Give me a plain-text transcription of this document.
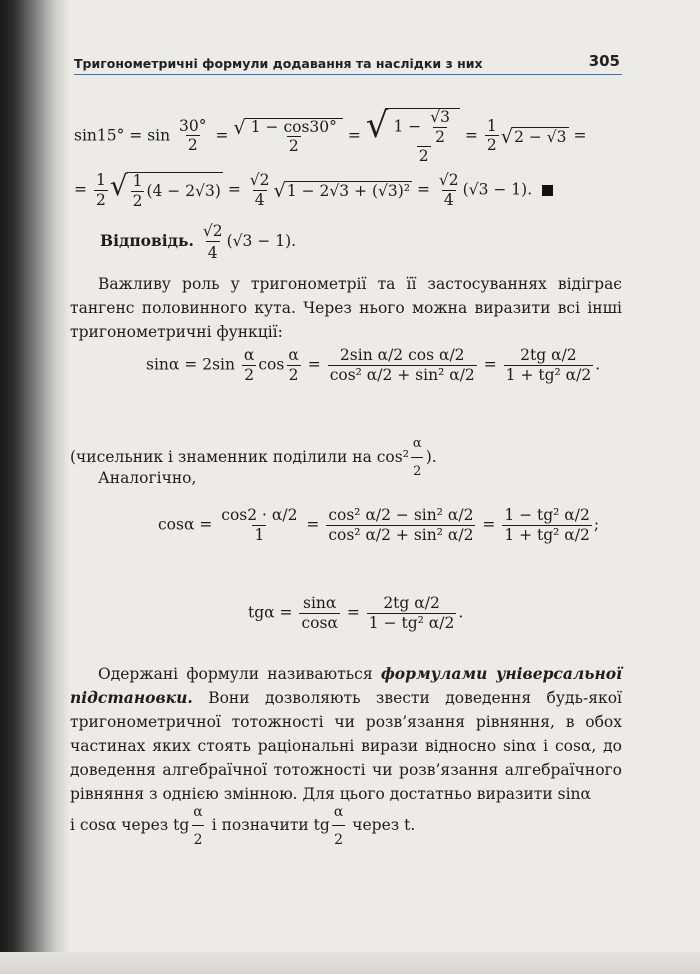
Тригонометричні формули додавання та наслідки з них	305
$\sin 15^\circ = \sin \frac{30^\circ}{2}$ = √ $\frac{1 - \cos 30^\circ}{2}$ = √ $\frac{1 - \frac{√3}{2}}{2} = \frac{1}{2}$ √ 2 − √3 =
= $\frac{1}{2}$ √ $\frac{1}{2} (4 - 2√3) = \frac{√2}{4}$ √ $1 - 2√3 + (√3)^2 = \frac{√2}{4} (√3 - 1)$.
Відповідь. $\frac{√2}{4} (√3 - 1)$.
Важливу роль у тригонометрії та її застосуваннях відіграє тангенс половинного кута. Через нього можна виразити всі інші тригонометричні функції:
$\sin\alpha = 2\sin \frac{\alpha}{2}$ $\cos \frac{\alpha}{2} = \frac{\text{2sin α/2 cos α/2}}{\text{cos² α/2 + sin² α/2}} = \frac{\text{2tg α/2}}{\text{1 + tg² α/2}}$ .
(чисельник і знаменник поділили на $\cos^2 \frac{\alpha}{2}$ ).
Аналогічно,
$\cos\alpha = \frac{\cos 2 \cdot \alpha/2}{1} = \frac{\text{cos² α/2 − sin² α/2}}{\text{cos² α/2 + sin² α/2}} = \frac{\text{1 − tg² α/2}}{\text{1 + tg² α/2}}$ ;
$tg\alpha = \frac{\sin\alpha}{\cos\alpha} = \frac{\text{2tg α/2}}{\text{1 − tg² α/2}}$ .
Одержані формули називаються формулами універсальної підстановки. Вони дозволяють звести доведення будь-якої тригонометричної тотожності чи розв’язання рівняння, в обох частинах яких стоять раціональні вирази відносно sinα і cosα, до доведення алгебраїчної тотожності чи розв’язання алгебраїчного рівняння з однією змінною. Для цього достатньо виразити sinα
і cosα через tg $\frac{\alpha}{2}$ і позначити tg $\frac{\alpha}{2}$ через t.
